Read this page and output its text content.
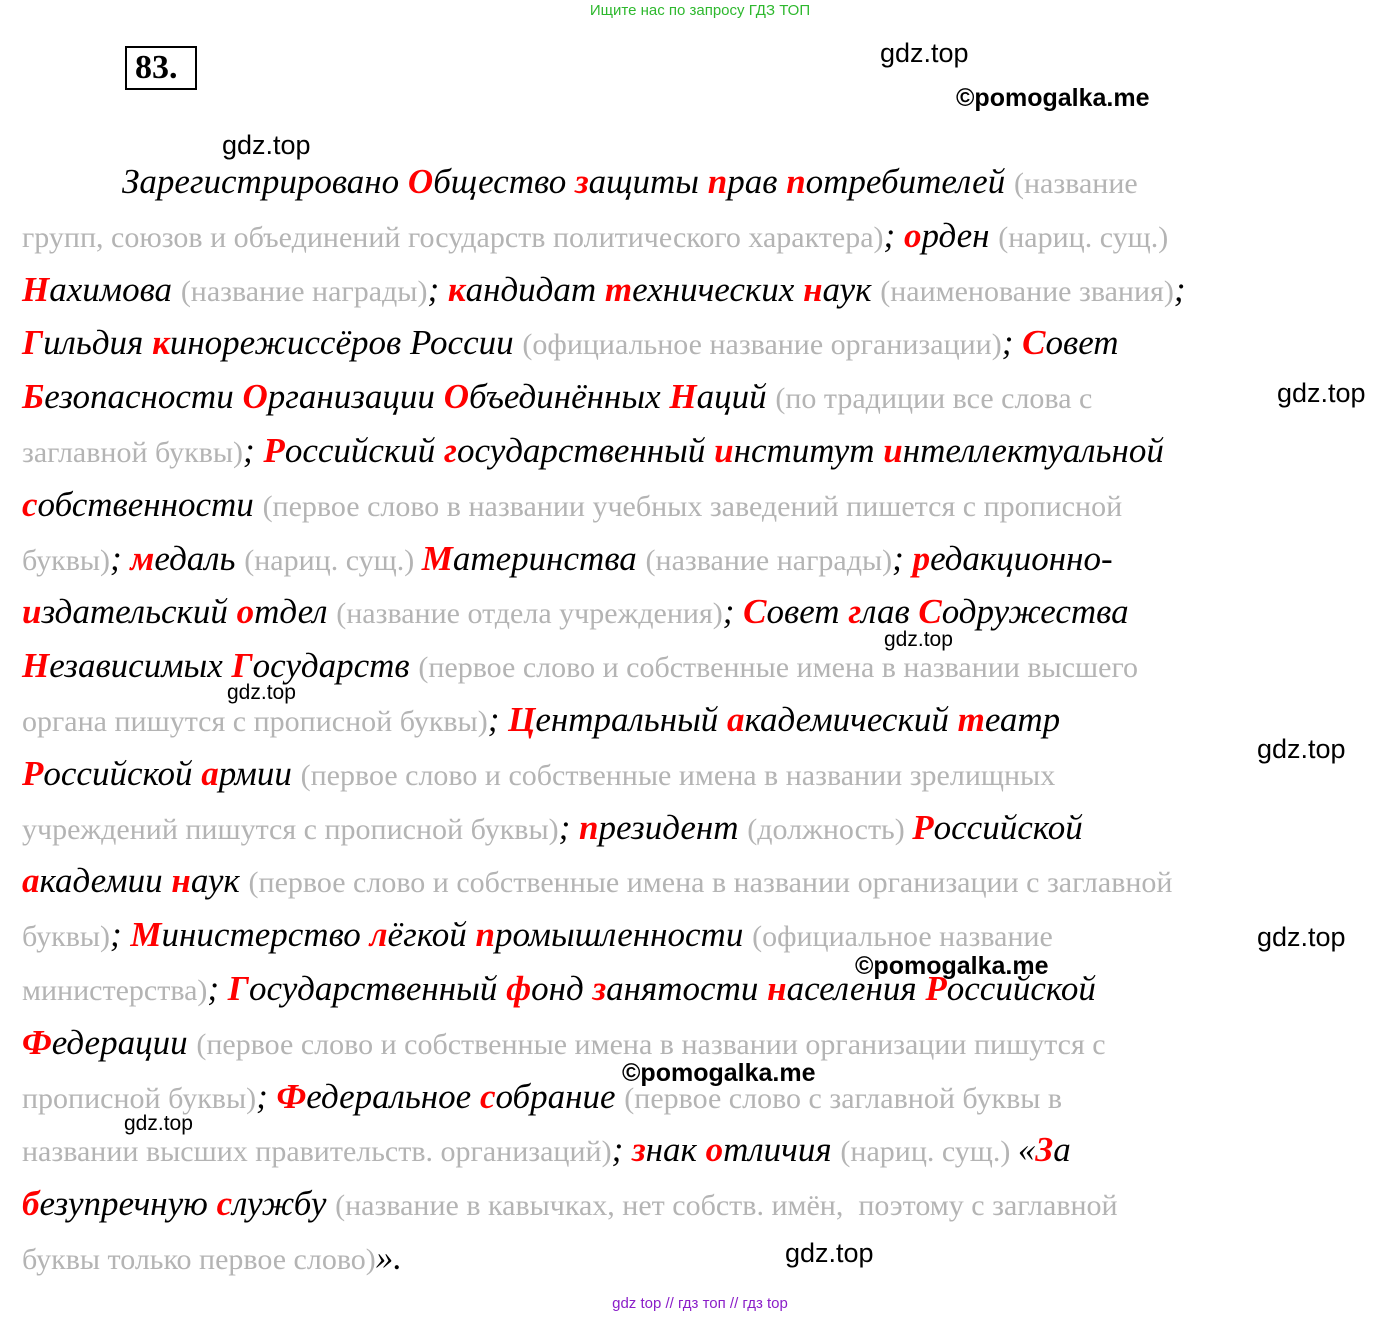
Ищите нас по запросу ГДЗ ТОП
83.
Зарегистрировано Общество защиты прав потребителей (название
групп, союзов и объединений государств политического характера); орден (нариц. сущ.)
Нахимова (название награды); кандидат технических наук (наименование звания);
Гильдия кинорежиссёров России (официальное название организации); Совет
Безопасности Организации Объединённых Наций (по традиции все слова с
заглавной буквы); Российский государственный институт интеллектуальной
собственности (первое слово в названии учебных заведений пишется с прописной
буквы); медаль (нариц. сущ.) Материнства (название награды); редакционно-
издательский отдел (название отдела учреждения); Совет глав Содружества
Независимых Государств (первое слово и собственные имена в названии высшего
органа пишутся с прописной буквы); Центральный академический театр
Российской армии (первое слово и собственные имена в названии зрелищных
учреждений пишутся с прописной буквы); президент (должность) Российской
академии наук (первое слово и собственные имена в названии организации с заглавной
буквы); Министерство лёгкой промышленности (официальное название
министерства); Государственный фонд занятости населения Российской
Федерации (первое слово и собственные имена в названии организации пишутся с
прописной буквы); Федеральное собрание (первое слово с заглавной буквы в
названии высших правительств. организаций); знак отличия (нариц. сущ.) «За
безупречную службу (название в кавычках, нет собств. имён,  поэтому с заглавной
буквы только первое слово)».
gdz.top
©pomogalka.me
gdz.top
gdz.top
gdz.top
gdz.top
gdz.top
gdz.top
©pomogalka.me
©pomogalka.me
gdz.top
gdz.top
gdz top // гдз топ // гдз top
